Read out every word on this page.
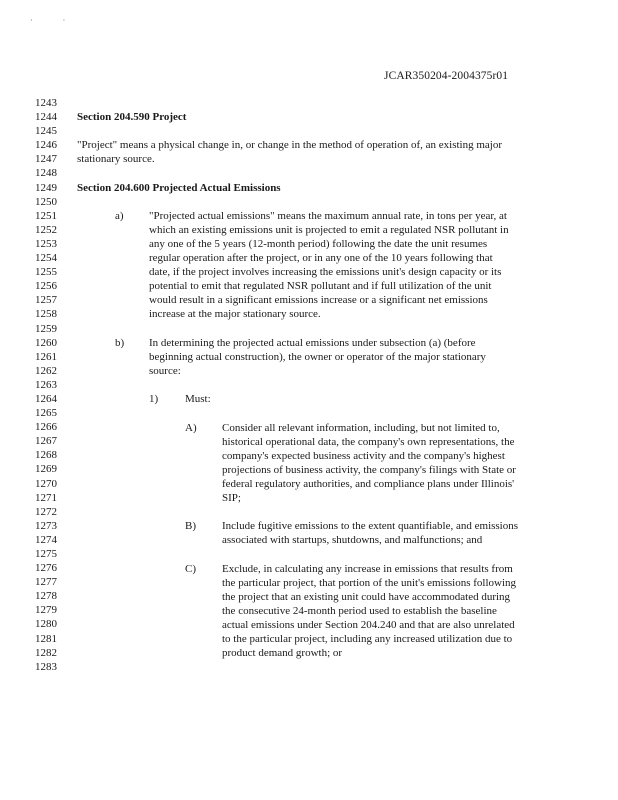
· ·
JCAR350204-2004375r01
1243
1244
1245
1246
1247
1248
1249
1250
1251
1252
1253
1254
1255
1256
1257
1258
1259
1260
1261
1262
1263
1264
1265
1266
1267
1268
1269
1270
1271
1272
1273
1274
1275
1276
1277
1278
1279
1280
1281
1282
1283
Section 204.590 Project
"Project" means a physical change in, or change in the method of operation of, an existing major
stationary source.
Section 204.600 Projected Actual Emissions
a) "Projected actual emissions" means the maximum annual rate, in tons per year, at
which an existing emissions unit is projected to emit a regulated NSR pollutant in
any one of the 5 years (12-month period) following the date the unit resumes
regular operation after the project, or in any one of the 10 years following that
date, if the project involves increasing the emissions unit's design capacity or its
potential to emit that regulated NSR pollutant and if full utilization of the unit
would result in a significant emissions increase or a significant net emissions
increase at the major stationary source.
b) In determining the projected actual emissions under subsection (a) (before
beginning actual construction), the owner or operator of the major stationary
source:
1) Must:
A) Consider all relevant information, including, but not limited to,
historical operational data, the company's own representations, the
company's expected business activity and the company's highest
projections of business activity, the company's filings with State or
federal regulatory authorities, and compliance plans under Illinois'
SIP;
B) Include fugitive emissions to the extent quantifiable, and emissions
associated with startups, shutdowns, and malfunctions; and
C) Exclude, in calculating any increase in emissions that results from
the particular project, that portion of the unit's emissions following
the project that an existing unit could have accommodated during
the consecutive 24-month period used to establish the baseline
actual emissions under Section 204.240 and that are also unrelated
to the particular project, including any increased utilization due to
product demand growth; or
